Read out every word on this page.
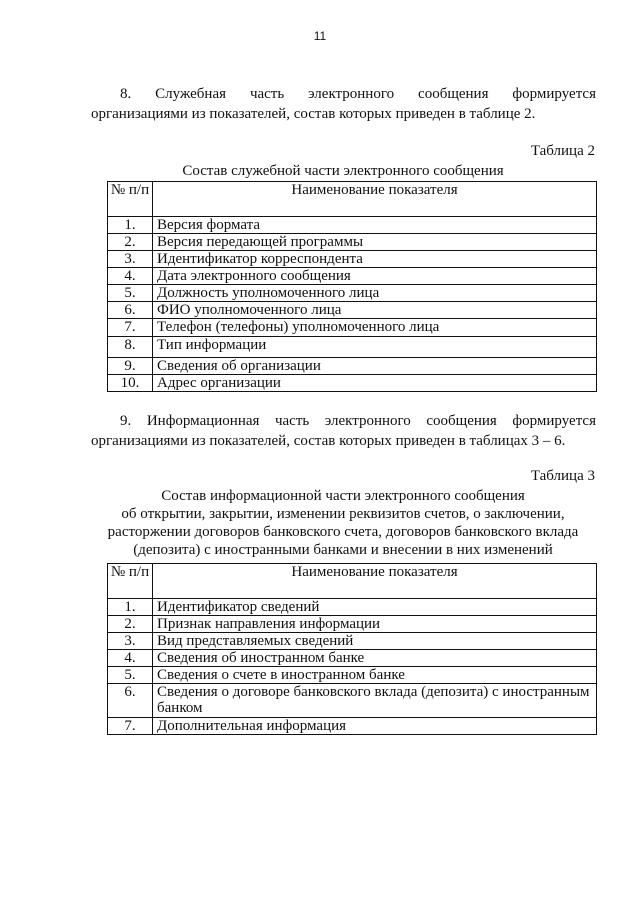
11
8. Служебная часть электронного сообщения формируется
организациями из показателей, состав которых приведен в таблице 2.
Таблица 2
Состав служебной части электронного сообщения
№ п/п	Наименование показателя
1.	Версия формата
2.	Версия передающей программы
3.	Идентификатор корреспондента
4.	Дата электронного сообщения
5.	Должность уполномоченного лица
6.	ФИО уполномоченного лица
7.	Телефон (телефоны) уполномоченного лица
8.	Тип информации
9.	Сведения об организации
10.	Адрес организации
9. Информационная часть электронного сообщения формируется
организациями из показателей, состав которых приведен в таблицах 3 – 6.
Таблица 3
Состав информационной части электронного сообщения
об открытии, закрытии, изменении реквизитов счетов, о заключении,
расторжении договоров банковского счета, договоров банковского вклада
(депозита) с иностранными банками и внесении в них изменений
№ п/п	Наименование показателя
1.	Идентификатор сведений
2.	Признак направления информации
3.	Вид представляемых сведений
4.	Сведения об иностранном банке
5.	Сведения о счете в иностранном банке
6.	Сведения о договоре банковского вклада (депозита) с иностранным банком
7.	Дополнительная информация
